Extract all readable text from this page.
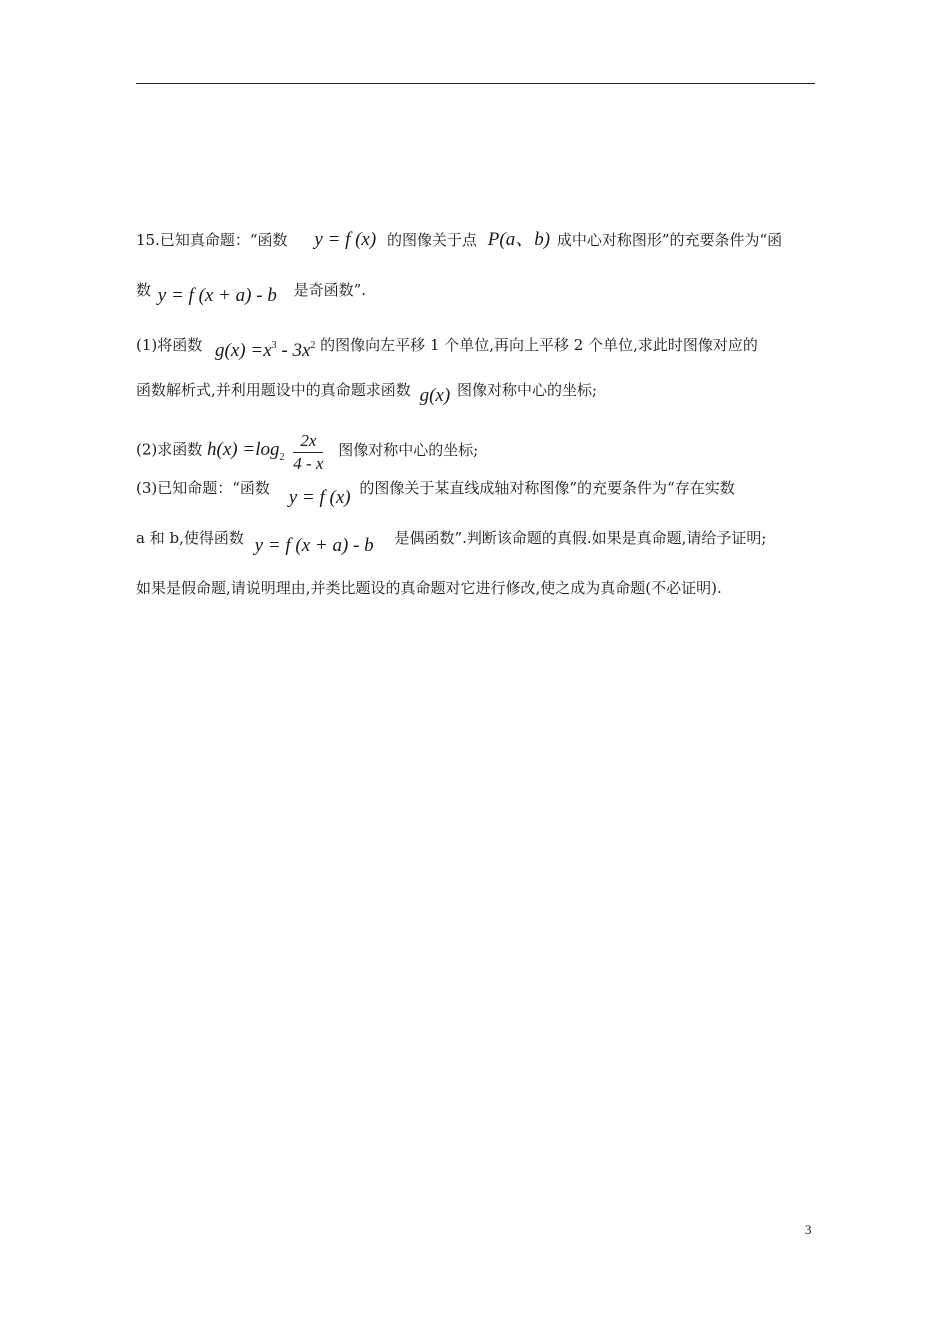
15.已知真命题：“函数 y = f (x) 的图像关于点 P(a、b) 成中心对称图形”的充要条件为“函
数 y = f (x + a) - b 是奇函数”.
(1)将函数 $g(x) =x^3 - 3x^2$ 的图像向左平移 1 个单位,再向上平移 2 个单位,求此时图像对应的
函数解析式,并利用题设中的真命题求函数 g(x) 图像对称中心的坐标;
(2)求函数 $h(x) =\log_2 \frac{2x}{4 - x}$ 图像对称中心的坐标;
(3)已知命题：“函数 y = f (x) 的图像关于某直线成轴对称图像”的充要条件为“存在实数
a 和 b,使得函数 y = f (x + a) - b 是偶函数”.判断该命题的真假.如果是真命题,请给予证明;
如果是假命题,请说明理由,并类比题设的真命题对它进行修改,使之成为真命题(不必证明).
3
